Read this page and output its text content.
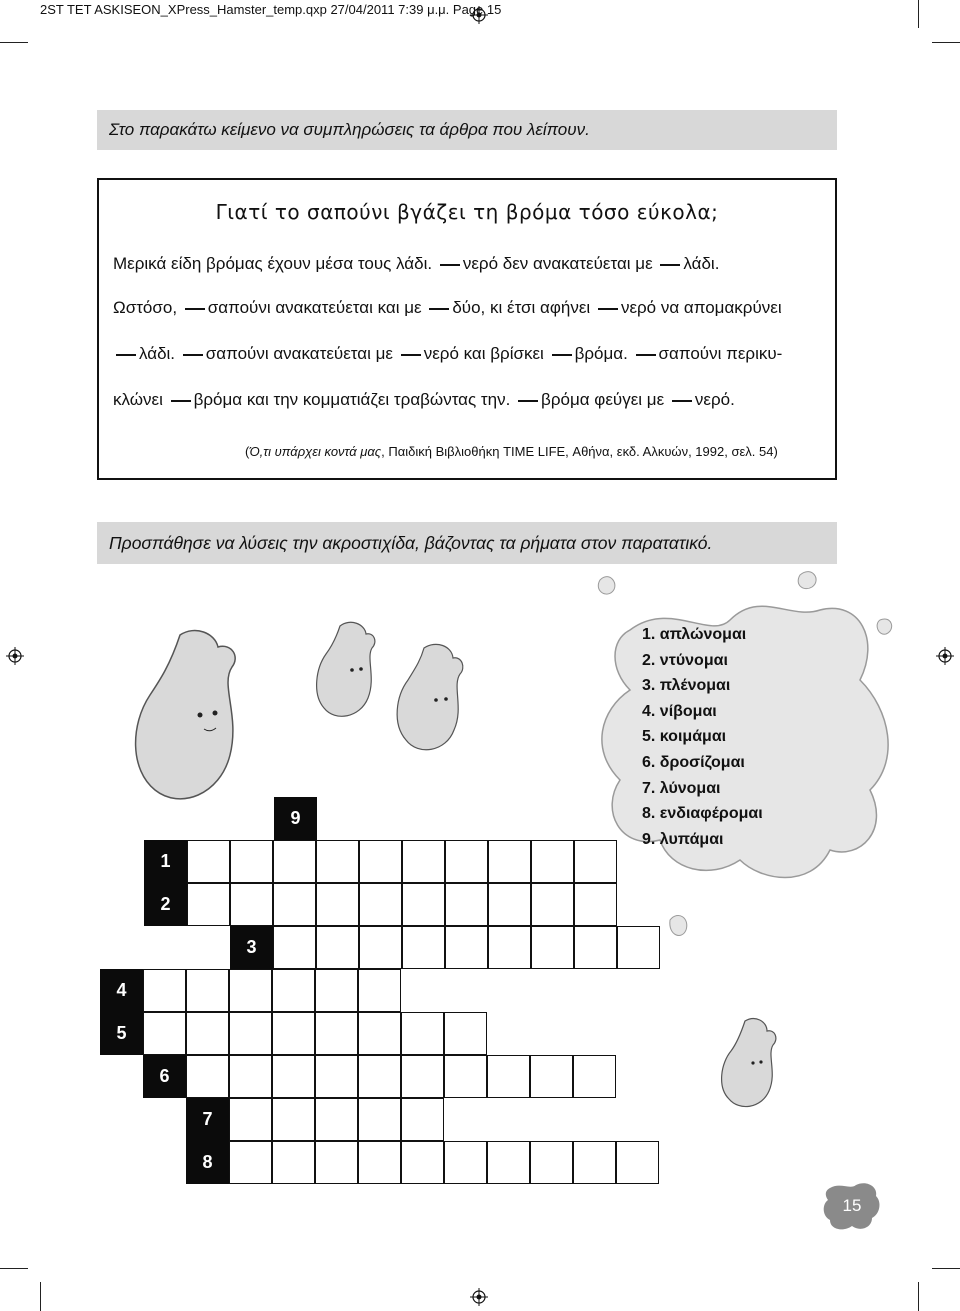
2ST TET ASKISEON_XPress_Hamster_temp.qxp 27/04/2011 7:39 μ.μ. Page 15
Στο παρακάτω κείμενο να συμπληρώσεις τα άρθρα που λείπουν.
Γιατί το σαπούνι βγάζει τη βρόμα τόσο εύκολα;
Μερικά είδη βρόμας έχουν μέσα τους λάδι. νερό δεν ανακατεύεται με λάδι.
Ωστόσο, σαπούνι ανακατεύεται και με δύο, κι έτσι αφήνει νερό να απομακρύνει
λάδι. σαπούνι ανακατεύεται με νερό και βρίσκει βρόμα. σαπούνι περικυ-
κλώνει βρόμα και την κομματιάζει τραβώντας την. βρόμα φεύγει με νερό.
(Ό,τι υπάρχει κοντά μας, Παιδική Βιβλιοθήκη TIME LIFE, Αθήνα, εκδ. Αλκυών, 1992, σελ. 54)
Προσπάθησε να λύσεις την ακροστιχίδα, βάζοντας τα ρήματα στον παρατατικό.
9
1
2
3
4
5
6
7
8
1. απλώνομαι
2. ντύνομαι
3. πλένομαι
4. νίβομαι
5. κοιμάμαι
6. δροσίζομαι
7. λύνομαι
8. ενδιαφέρομαι
9. λυπάμαι
15
